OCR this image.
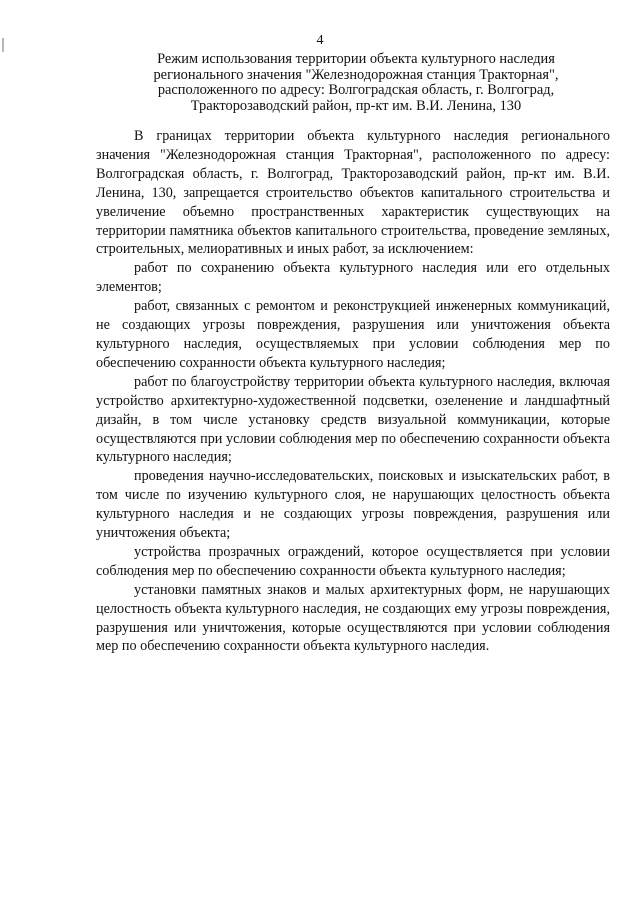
4
Режим использования территории объекта культурного наследия
регионального значения "Железнодорожная станция Тракторная",
расположенного по адресу: Волгоградская область, г. Волгоград,
Тракторозаводский район, пр-кт им. В.И. Ленина, 130

В границах территории объекта культурного наследия регионального значения "Железнодорожная станция Тракторная", расположенного по адресу: Волгоградская область, г. Волгоград, Тракторозаводский район, пр-кт им. В.И. Ленина, 130, запрещается строительство объектов капитального строительства и увеличение объемно пространственных характеристик существующих на территории памятника объектов капитального строительства, проведение земляных, строительных, мелиоративных и иных работ, за исключением:

работ по сохранению объекта культурного наследия или его отдельных элементов;

работ, связанных с ремонтом и реконструкцией инженерных коммуникаций, не создающих угрозы повреждения, разрушения или уничтожения объекта культурного наследия, осуществляемых при условии соблюдения мер по обеспечению сохранности объекта культурного наследия;

работ по благоустройству территории объекта культурного наследия, включая устройство архитектурно-художественной подсветки, озеленение и ландшафтный дизайн, в том числе установку средств визуальной коммуникации, которые осуществляются при условии соблюдения мер по обеспечению сохранности объекта культурного наследия;

проведения научно-исследовательских, поисковых и изыскательских работ, в том числе по изучению культурного слоя, не нарушающих целостность объекта культурного наследия и не создающих угрозы повреждения, разрушения или уничтожения объекта;

устройства прозрачных ограждений, которое осуществляется при условии соблюдения мер по обеспечению сохранности объекта культурного наследия;

установки памятных знаков и малых архитектурных форм, не нарушающих целостность объекта культурного наследия, не создающих ему угрозы повреждения, разрушения или уничтожения, которые осуществляются при условии соблюдения мер по обеспечению сохранности объекта культурного наследия.
